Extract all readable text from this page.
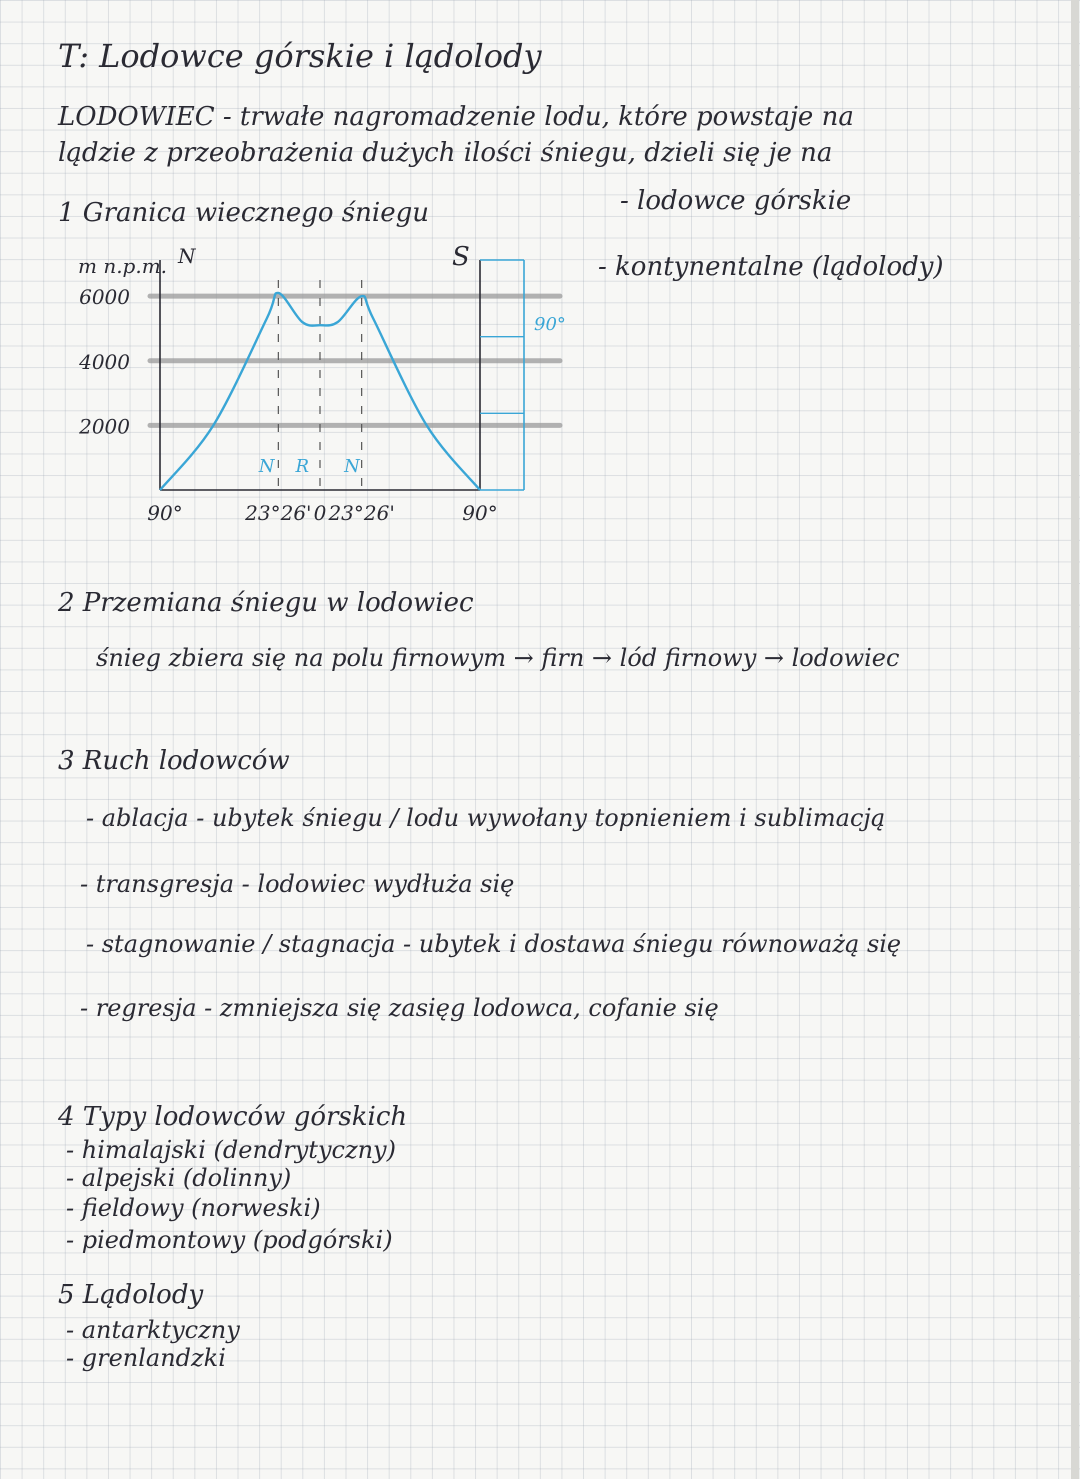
T: Lodowce górskie i lądolody
LODOWIEC - trwałe nagromadzenie lodu, które powstaje na
lądzie z przeobrażenia dużych ilości śniegu, dzieli się je na
1 Granica wiecznego śniegu	- lodowce górskie
- kontynentalne (lądolody)
m n.p.m. N	S
6000
4000
2000
90°
90°	23°26' 0 23°26'	90°
N R N
2 Przemiana śniegu w lodowiec
śnieg zbiera się na polu firnowym → firn → lód firnowy → lodowiec
3 Ruch lodowców
- ablacja - ubytek śniegu / lodu wywołany topnieniem i sublimacją
- transgresja - lodowiec wydłuża się
- stagnowanie / stagnacja - ubytek i dostawa śniegu równoważą się
- regresja - zmniejsza się zasięg lodowca, cofanie się
4 Typy lodowców górskich
- himalajski (dendrytyczny)
- alpejski (dolinny)
- fieldowy (norweski)
- piedmontowy (podgórski)
5 Lądolody
- antarktyczny
- grenlandzki
